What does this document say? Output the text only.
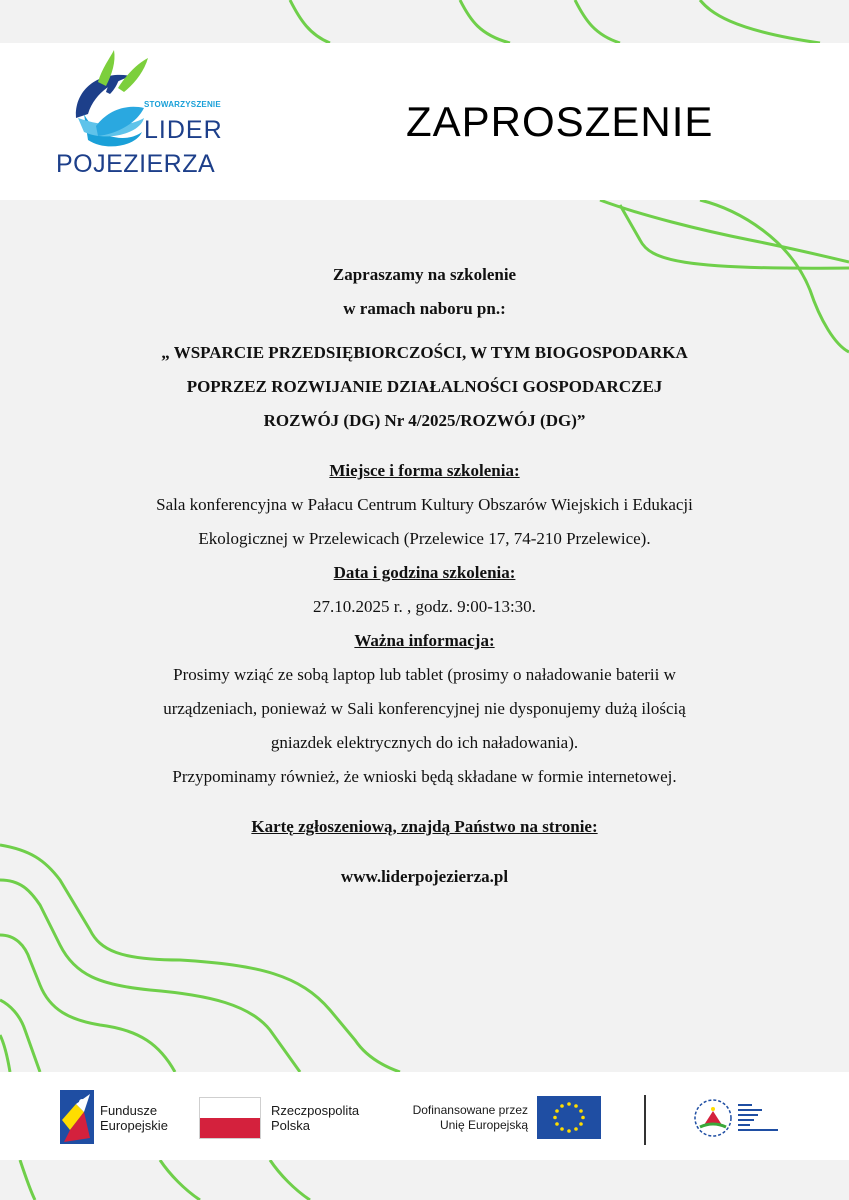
STOWARZYSZENIE
LIDER
POJEZIERZA
ZAPROSZENIE

Zapraszamy na szkolenie

w ramach naboru pn.:

„ WSPARCIE PRZEDSIĘBIORCZOŚCI, W TYM BIOGOSPODARKA

POPRZEZ ROZWIJANIE DZIAŁALNOŚCI GOSPODARCZEJ

ROZWÓJ (DG) Nr 4/2025/ROZWÓJ (DG)”

Miejsce i forma szkolenia:

Sala konferencyjna w Pałacu Centrum Kultury Obszarów Wiejskich i Edukacji

Ekologicznej w Przelewicach (Przelewice 17, 74-210 Przelewice).

Data i godzina szkolenia:

27.10.2025 r. , godz. 9:00-13:30.

Ważna informacja:

Prosimy wziąć ze sobą laptop lub tablet (prosimy o naładowanie baterii w

urządzeniach, ponieważ w Sali konferencyjnej nie dysponujemy dużą ilością

gniazdek elektrycznych do ich naładowania).

Przypominamy również, że wnioski będą składane w formie internetowej.

Kartę zgłoszeniową, znajdą Państwo na stronie:

www.liderpojezierza.pl

Fundusze
Europejskie
Rzeczpospolita
Polska
Dofinansowane przez
Unię Europejską
